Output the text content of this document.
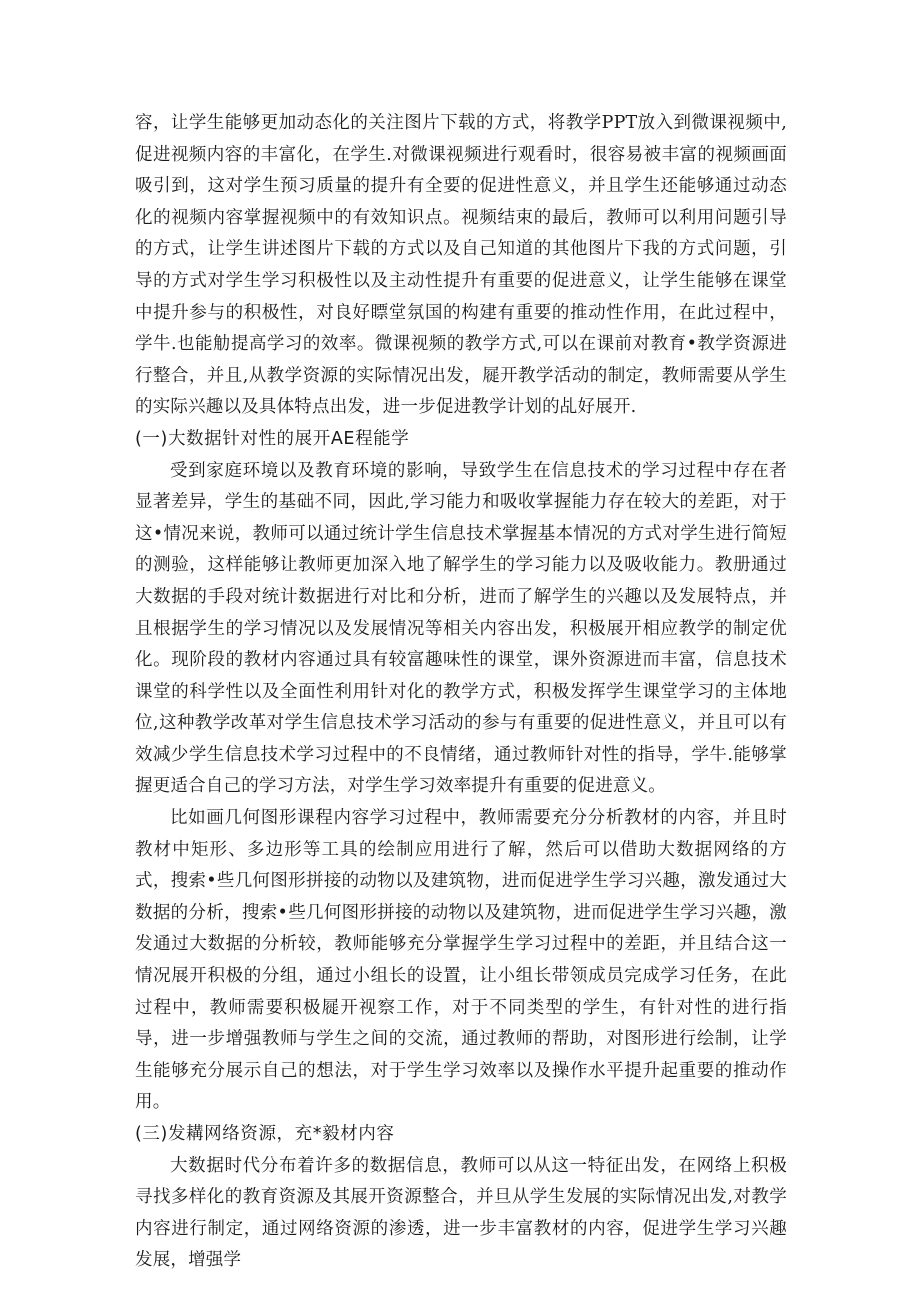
容，让学生能够更加动态化的关注图片下载的方式，将教学PPT放入到微课视频中,促进视频内容的丰富化，在学生.对微课视频进行观看时，很容易被丰富的视频画面吸引到，这对学生预习质量的提升有全要的促进性意义，并且学生还能够通过动态化的视频内容掌握视频中的有效知识点。视频结束的最后，教师可以利用问题引导的方式，让学生讲述图片下载的方式以及自己知道的其他图片下我的方式问题，引导的方式对学生学习积极性以及主动性提升有重要的促进意义，让学生能够在课堂中提升参与的积极性，对良好瞟堂氛国的构建有重要的推动性作用，在此过程中，学牛.也能觔提高学习的效率。微课视频的教学方式,可以在课前对教育•教学资源进行整合，并且,从教学资源的实际情况出发，屣开教学活动的制定，教师需要从学生的实际兴趣以及具体特点出发，进一步促进教学计划的乩好展开.

(一)大数据针对性的展开AE程能学

受到家庭环境以及教育环境的影响，导致学生在信息技术的学习过程中存在者显著差异，学生的基础不同，因此,学习能力和吸收掌握能力存在较大的差距，对于这•情况来说，教师可以通过统计学生信息技术掌握基本情况的方式对学生进行简短的测验，这样能够让教师更加深入地了解学生的学习能力以及吸收能力。教册通过大数据的手段对统计数据进行对比和分析，进而了解学生的兴趣以及发展特点，并且根据学生的学习情况以及发展情况等相关内容出发，积极展开相应教学的制定优化。现阶段的教材内容通过具有较富趣味性的课堂，课外资源进而丰富，信息技术课堂的科学性以及全面性利用针对化的教学方式，积极发挥学生课堂学习的主体地位,这种教学改革对学生信息技术学习活动的参与有重要的促进性意义，并且可以有效减少学生信息技术学习过程中的不良情绪，通过教师针对性的指导，学牛.能够掌握更适合自己的学习方法，对学生学习效率提升有重要的促进意义。

比如画几何图形课程内容学习过程中，教师需要充分分析教材的内容，并且时教材中矩形、多边形等工具的绘制应用进行了解，然后可以借助大数据网络的方式，搜索•些几何图形拼接的动物以及建筑物，进而促进学生学习兴趣，激发通过大数据的分析，搜索•些几何图形拼接的动物以及建筑物，进而促进学生学习兴趣，激发通过大数据的分析较，教师能够充分掌握学生学习过程中的差距，并且结合这一情况展开积极的分组，通过小组长的设置，让小组长带领成员完成学习任务，在此过程中，教师需要积极屣开视察工作，对于不同类型的学生，有针对性的进行指导，进一步增强教师与学生之间的交流，通过教师的帮助，对图形进行绘制，让学生能够充分展示自己的想法，对于学生学习效率以及操作水平提升起重要的推动作用。

(三)发耩网络资源，充*毅材内容

大数据时代分布着许多的数据信息，教师可以从这一特征出发，在网络上积极寻找多样化的教育资源及其展开资源整合，并旦从学生发展的实际情况出发,对教学内容进行制定，通过网络资源的渗透，进一步丰富教材的内容，促进学生学习兴趣发展，增强学
